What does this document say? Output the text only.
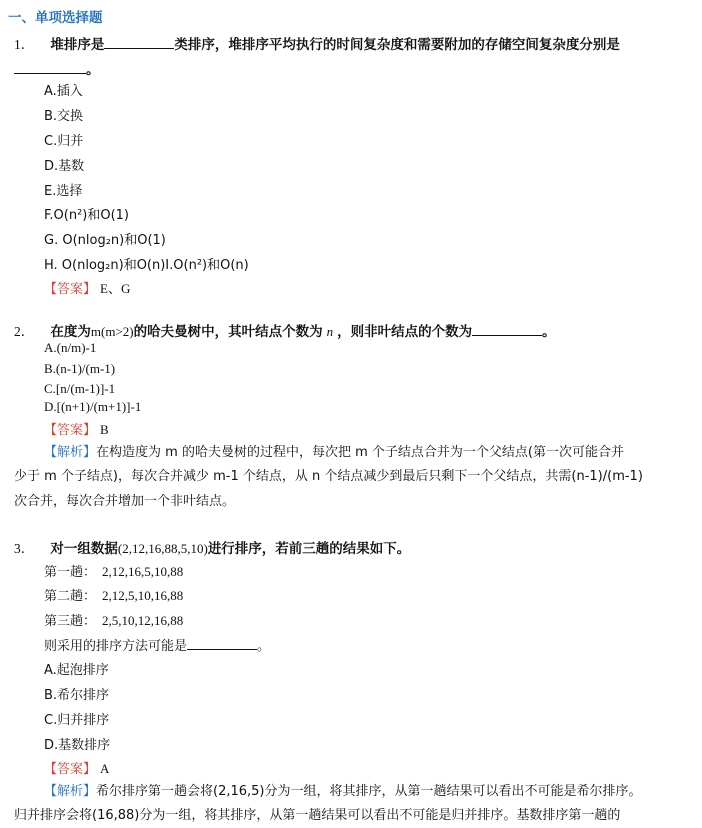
一、单项选择题
1． 堆排序是	类排序，堆排序平均执行的时间复杂度和需要附加的存储空间复杂度分别是
。
A.插入
B.交换
C.归并
D.基数
E.选择
F.O(n²)和O(1)
G. O(nlog₂n)和O(1)
H. O(nlog₂n)和O(n)I.O(n²)和O(n)
【答案】 E、G
2． 在度为m(m>2)的哈夫曼树中，其叶结点个数为 n ，则非叶结点的个数为	。
A.(n/m)-1
B.(n-1)/(m-1)
C.[n/(m-1)]-1
D.[(n+1)/(m+1)]-1
【答案】 B
【解析】在构造度为 m 的哈夫曼树的过程中，每次把 m 个子结点合并为一个父结点(第一次可能合并
少于 m 个子结点)，每次合并减少 m-1 个结点，从 n 个结点减少到最后只剩下一个父结点，共需(n-1)/(m-1)
次合并，每次合并增加一个非叶结点。
3． 对一组数据(2,12,16,88,5,10)进行排序，若前三趟的结果如下。
第一趟： 2,12,16,5,10,88
第二趟： 2,12,5,10,16,88
第三趟： 2,5,10,12,16,88
则采用的排序方法可能是	。
A.起泡排序
B.希尔排序
C.归并排序
D.基数排序
【答案】 A
【解析】希尔排序第一趟会将(2,16,5)分为一组，将其排序，从第一趟结果可以看出不可能是希尔排序。
归并排序会将(16,88)分为一组，将其排序，从第一趟结果可以看出不可能是归并排序。基数排序第一趟的
